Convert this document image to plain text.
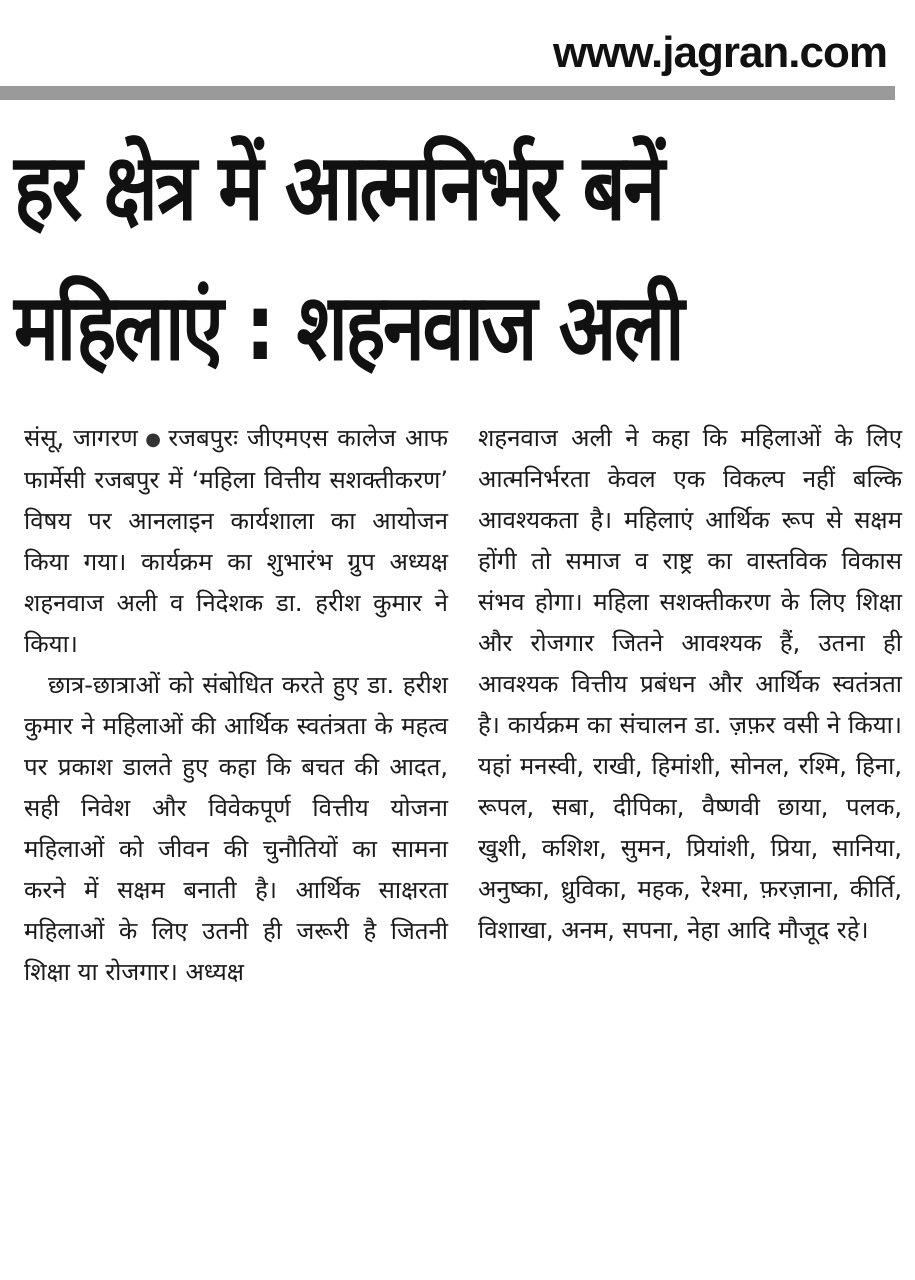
www.jagran.com
हर क्षेत्र में आत्मनिर्भर बनें
महिलाएं : शहनवाज अली

संसू, जागरण ● रजबपुरः जीएमएस कालेज आफ फार्मेसी रजबपुर में ‘महिला वित्तीय सशक्तीकरण’ विषय पर आनलाइन कार्यशाला का आयोजन किया गया। कार्यक्रम का शुभारंभ ग्रुप अध्यक्ष शहनवाज अली व निदेशक डा. हरीश कुमार ने किया।

छात्र-छात्राओं को संबोधित करते हुए डा. हरीश कुमार ने महिलाओं की आर्थिक स्वतंत्रता के महत्व पर प्रकाश डालते हुए कहा कि बचत की आदत, सही निवेश और विवेकपूर्ण वित्तीय योजना महिलाओं को जीवन की चुनौतियों का सामना करने में सक्षम बनाती है। आर्थिक साक्षरता महिलाओं के लिए उतनी ही जरूरी है जितनी शिक्षा या रोजगार। अध्यक्ष

शहनवाज अली ने कहा कि महिलाओं के लिए आत्मनिर्भरता केवल एक विकल्प नहीं बल्कि आवश्यकता है। महिलाएं आर्थिक रूप से सक्षम होंगी तो समाज व राष्ट्र का वास्तविक विकास संभव होगा। महिला सशक्तीकरण के लिए शिक्षा और रोजगार जितने आवश्यक हैं, उतना ही आवश्यक वित्तीय प्रबंधन और आर्थिक स्वतंत्रता है। कार्यक्रम का संचालन डा. ज़फ़र वसी ने किया। यहां मनस्वी, राखी, हिमांशी, सोनल, रश्मि, हिना, रूपल, सबा, दीपिका, वैष्णवी छाया, पलक, खुशी, कशिश, सुमन, प्रियांशी, प्रिया, सानिया, अनुष्का, ध्रुविका, महक, रेश्मा, फ़रज़ाना, कीर्ति, विशाखा, अनम, सपना, नेहा आदि मौजूद रहे।
